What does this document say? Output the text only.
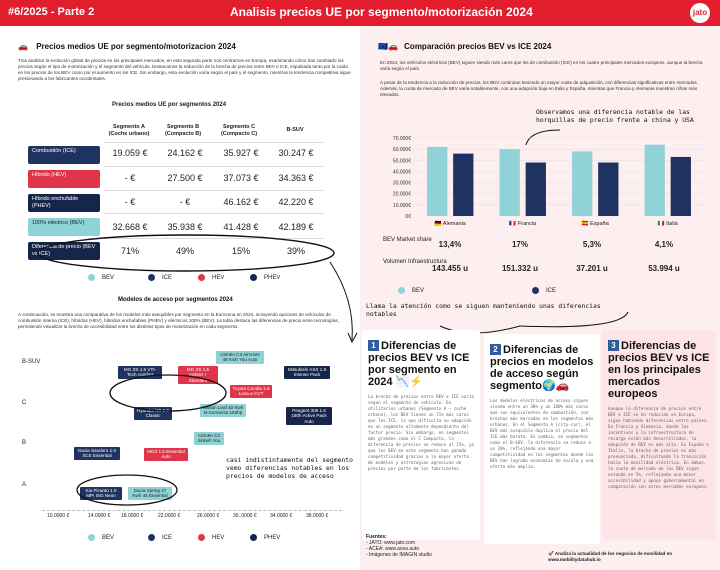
#6/2025 - Parte 2	Analisis precios UE por segmento/motorización 2024	jato
🚗 Precios medios UE por segmento/motorizacion 2024
Tras analizar la evolución global de precios en los principales mercados, en esta segunda parte nos centramos en Europa, examinando cómo han cambiado los precios según el tipo de motorización y el segmento del vehículo. Destacamos la reducción de la brecha de precios entre BEV e ICE, impulsada tanto por la caída en los precios de los BEV como por el aumento en los ICE. Sin embargo, esta evolución varía según el país y el segmento, mientras la tendencia competitiva sigue presionando a los fabricantes occidentales.
Precios medios UE por segmentos 2024
Segmento A (Coche urbano)
Segmento B (Compacto B)
Segmento C (Compacto C)
B-SUV
Combustión (ICE)	19.059 €	24.162 €	35.927 €	30.247 €
Híbrido (HEV)	- €	27.500 €	37.073 €	34.363 €
Híbrido enchufable (PHEV)	- €	- €	46.162 €	42.220 €
100% eléctrico (BEV)	32.668 €	35.938 €	41.428 €	42.189 €
Diferencia de precio (BEV vs ICE)	71%	49%	15%	39%
BEV	ICE	HEV	PHEV
Modelos de acceso por segmentos 2024
A continuación, se muestra una comparativa de los modelos más asequibles por segmento en la Eurozona en 2024, incluyendo opciones de vehículos de combustión interna (ICE), híbridos (HEV), híbridos enchufables (PHEV) y eléctricos 100% (BEV). La tabla destaca las diferencias de precio entre tecnologías, permitiendo visualizar la brecha de accesibilidad entre los distintos tipos de motorización en cada segmento.
B-SUV
C
B
A
10.0000 €	14.0000 € 18.0000 €	22.0000 €	26.0000 €	30..0000 €	34.0000 €	38.0000 €
Citroën C3 Aircross 48 Kwh You Auto
MG ZS 1.5 VTI-Tech comfort
MG ZS 1.5 Hybrid + Standard
Mitsubishi ASX 1.6 Intense Pack
Toyota Corolla 1.8 Luna e-CVT
Hyundai i30 1.0 Classic
Nissan Leaf 40 Kwh N-Connecta 150hp	Peugeot 308 1.6 180h Active Pack Auto
Citroën C3 44Kwh You
Dacia Sandero 1.0 SCE Essential
MG3 1.5 Essential Auto
Kia Picanto 1.0 MPI ISG Neon
Dacia Spring 27 Kwh 45 Essential
casi indistintamente del segmento vemo diferencias notables en los precios de modelos de acceso
BEV	ICE	HEV	PHEV
🇪🇺🚗 Comparación precios BEV vs ICE 2024
En 2024, los vehículos eléctricos (BEV) siguen siendo más caros que los de combustión (ICE) en los cuatro principales mercados europeos, aunque la brecha varía según el país.
A pesar de la tendencia a la reducción de precios, los BEV continúan teniendo un mayor coste de adquisición, con diferencias significativas entre mercados. Además, la cuota de mercado de BEV varía notablemente, con una adopción baja en Italia y España, mientras que Francia y Alemania muestran cifras más elevadas.
Observamos una diferencia notable de las horquillas de precio frente a china y USA
0€
10.000€
20.000€
30.000€
40.000€
50.000€
60.000€
70.000€
🇩🇪 Alemania	🇫🇷 Francia	🇪🇸 España	🇮🇹 Italia
BEV Market share
Volumen Infraestructura
13,4%	17%	5,3%	4,1%
143.455 u	151.332 u	37.201 u	53.994 u
BEV	ICE
Llama la atención como se siguen manteniendo unas diferencias notables
1 Diferencias de precios BEV vs ICE por segmento en 2024 📉⚡

La brecha de precios entre BEV e ICE varía según el segmento de vehículo. En utilitarios urbanos (Segmento A – coche urbano), los BEV tienen un 71% más caros que los ICE, lo que dificulta su adopción en un segmento altamente dependiente del factor precio. Sin embargo, en segmentos más grandes como el C Compacto, la diferencia de precios se reduce al 15%, ya que los BEV en este segmento han ganado competitividad gracias a la mayor oferta de modelos y estrategias agresivas de precios por parte de los fabricantes.

2 Diferencias de precios en modelos de acceso según segmento🌍🚗

Los modelos eléctricos de acceso siguen siendo entre un 30% y un 100% más caros que sus equivalentes de combustión, con brechas más marcadas en los segmentos más urbanos. En el Segmento A (city-car), el BEV más asequible duplica el precio del ICE más barato. En cambio, en segmentos como el B-SUV, la diferencia se reduce a un 20%, reflejando una mayor competitividad en los segmentos donde los BEV han logrado economías de escala y una oferta más amplia.

3 Diferencias de precios BEV vs ICE en los principales mercados europeos

Aunque la diferencia de precios entre BEV e ICE se ha reducido en Europa, sigue habiendo diferencias entre países. En Francia y Alemania, donde los incentivos y la infraestructura de recarga están más desarrollados, la adopción de BEV es más alta. En España e Italia, la brecha de precios es más pronunciada, dificultando la transición hacia la movilidad eléctrica. En ambos, la cuota de mercado de los BEV sigue estando en 5%, reflejando una menor accesibilidad y apoyo gubernamental en comparación con otros mercados europeos.

Fuentes:
- JATO: www.jato.com
- ACEA: www.acea.auto
- Imágenes de IMAGIN studio	🚀 Analiza la actualidad de los negocios de movilidad en www.mobilitydatahub.io
